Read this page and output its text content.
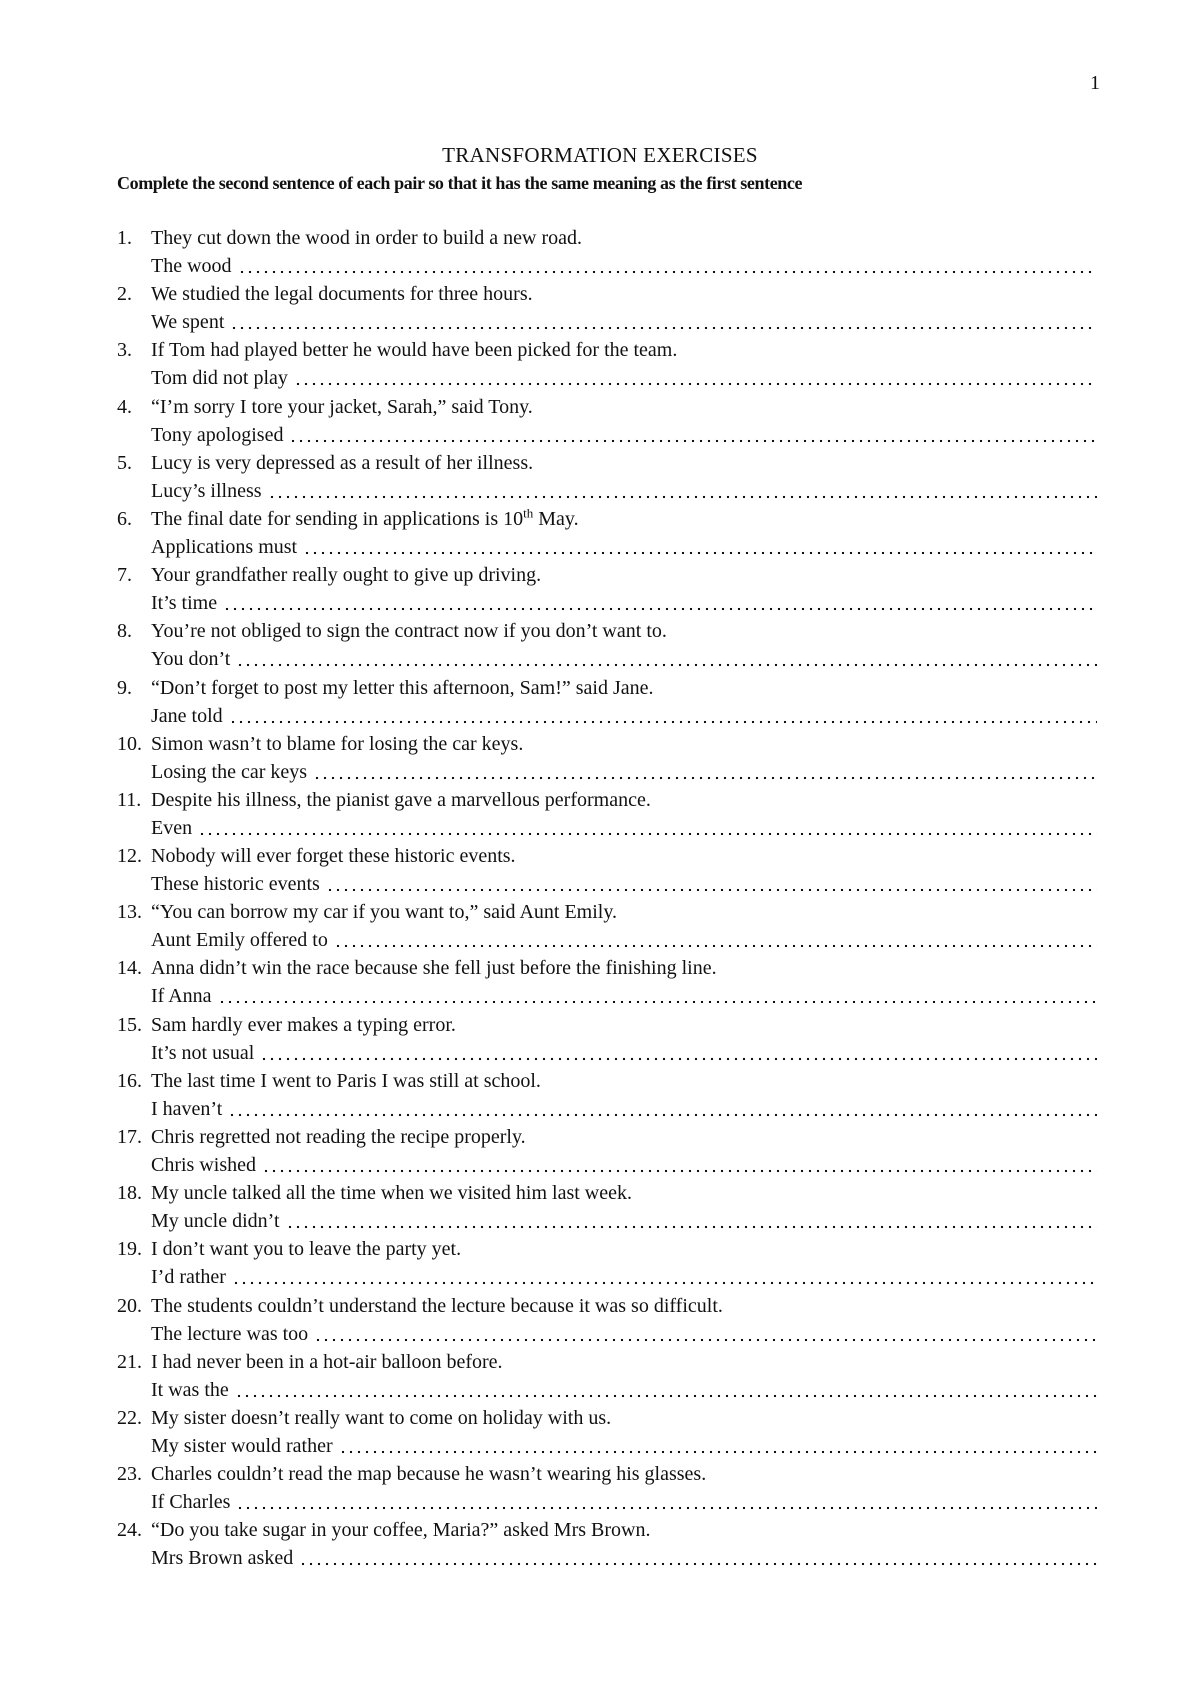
1
TRANSFORMATION EXERCISES

Complete the second sentence of each pair so that it has the same meaning as the first sentence

1. They cut down the wood in order to build a new road.
The wood
2. We studied the legal documents for three hours.
We spent
3. If Tom had played better he would have been picked for the team.
Tom did not play
4. “I’m sorry I tore your jacket, Sarah,” said Tony.
Tony apologised
5. Lucy is very depressed as a result of her illness.
Lucy’s illness
6. The final date for sending in applications is 10th May.
Applications must
7. Your grandfather really ought to give up driving.
It’s time
8. You’re not obliged to sign the contract now if you don’t want to.
You don’t
9. “Don’t forget to post my letter this afternoon, Sam!” said Jane.
Jane told
10. Simon wasn’t to blame for losing the car keys.
Losing the car keys
11. Despite his illness, the pianist gave a marvellous performance.
Even
12. Nobody will ever forget these historic events.
These historic events
13. “You can borrow my car if you want to,” said Aunt Emily.
Aunt Emily offered to
14. Anna didn’t win the race because she fell just before the finishing line.
If Anna
15. Sam hardly ever makes a typing error.
It’s not usual
16. The last time I went to Paris I was still at school.
I haven’t
17. Chris regretted not reading the recipe properly.
Chris wished
18. My uncle talked all the time when we visited him last week.
My uncle didn’t
19. I don’t want you to leave the party yet.
I’d rather
20. The students couldn’t understand the lecture because it was so difficult.
The lecture was too
21. I had never been in a hot-air balloon before.
It was the
22. My sister doesn’t really want to come on holiday with us.
My sister would rather
23. Charles couldn’t read the map because he wasn’t wearing his glasses.
If Charles
24. “Do you take sugar in your coffee, Maria?” asked Mrs Brown.
Mrs Brown asked
